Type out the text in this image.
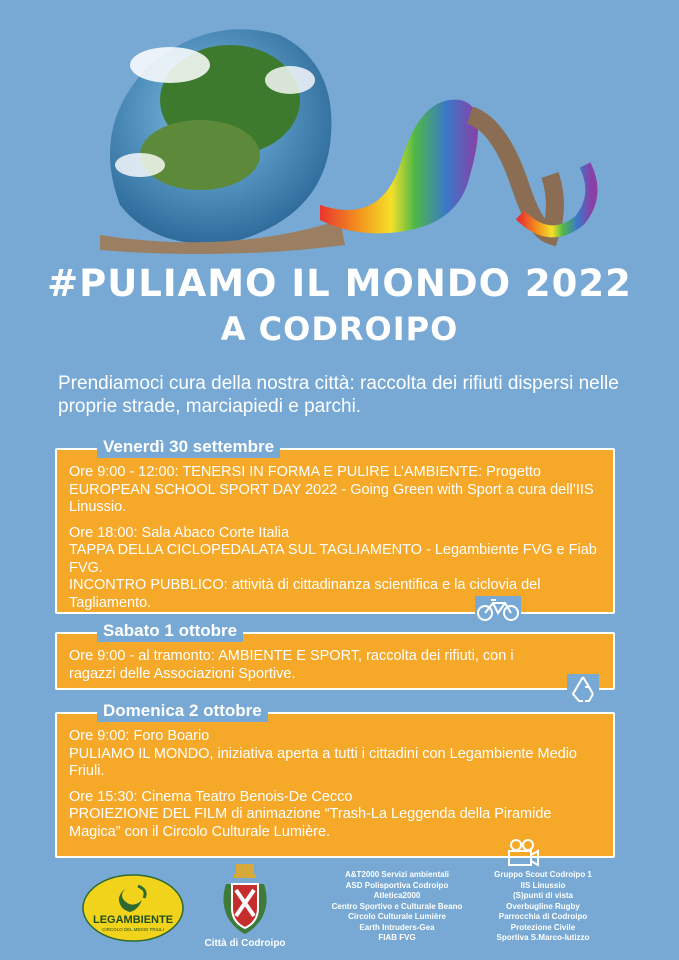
#PULIAMO IL MONDO 2022
A CODROIPO
Prendiamoci cura della nostra città: raccolta dei rifiuti dispersi nelle proprie strade, marciapiedi e parchi.
Venerdì 30 settembre

Ore 9:00 - 12:00: TENERSI IN FORMA E PULIRE L’AMBIENTE: Progetto EUROPEAN SCHOOL SPORT DAY 2022 - Going Green with Sport a cura dell’IIS Linussio.

Ore 18:00: Sala Abaco Corte Italia

TAPPA DELLA CICLOPEDALATA SUL TAGLIAMENTO - Legambiente FVG e Fiab FVG.

INCONTRO PUBBLICO: attività di cittadinanza scientifica e la ciclovia del Tagliamento.

Sabato 1 ottobre

Ore 9:00 - al tramonto: AMBIENTE E SPORT, raccolta dei rifiuti, con i ragazzi delle Associazioni Sportive.

Domenica 2 ottobre

Ore 9:00: Foro Boario

PULIAMO IL MONDO, iniziativa aperta a tutti i cittadini con Legambiente Medio Friuli.

Ore 15:30: Cinema Teatro Benois-De Cecco

PROIEZIONE DEL FILM di animazione “Trash-La Leggenda della Piramide Magica” con il Circolo Culturale Lumière.

LEGAMBIENTE
CIRCOLO DEL MEDIO FRIULI
Città di Codroipo
A&T2000 Servizi ambientali
ASD Polisportiva Codroipo
Atletica2000
Centro Sportivo e Culturale Beano
Circolo Culturale Lumière
Earth Intruders-Gea
FIAB FVG
Gruppo Scout Codroipo 1
IIS Linussio
(S)punti di vista
Overbugline Rugby
Parrocchia di Codroipo
Protezione Civile
Sportiva S.Marco-Iutizzo
